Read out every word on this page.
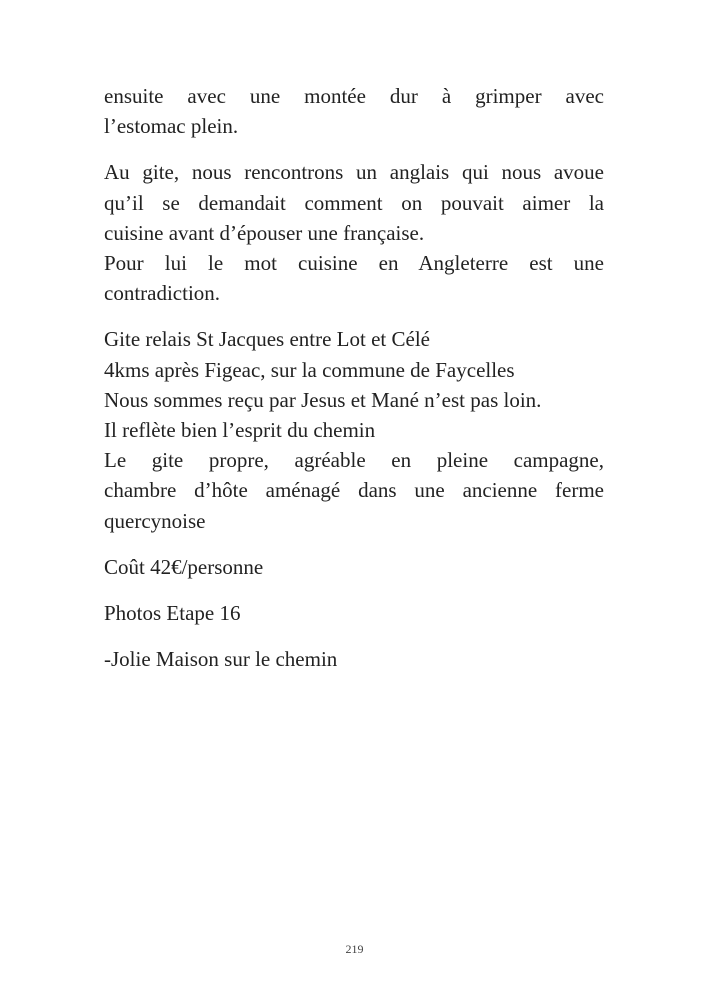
ensuite avec une montée dur à grimper avec
l’estomac plein.

Au gite, nous rencontrons un anglais qui nous avoue
qu’il se demandait comment on pouvait aimer la
cuisine avant d’épouser une française.
Pour lui le mot cuisine en Angleterre est une
contradiction.

Gite relais St Jacques entre Lot et Célé
4kms après Figeac, sur la commune de Faycelles
Nous sommes reçu par Jesus et Mané n’est pas loin.
Il reflète bien l’esprit du chemin
Le gite propre, agréable en pleine campagne,
chambre d’hôte aménagé dans une ancienne ferme
quercynoise

Coût 42€/personne

Photos Etape 16

-Jolie Maison sur le chemin

219
